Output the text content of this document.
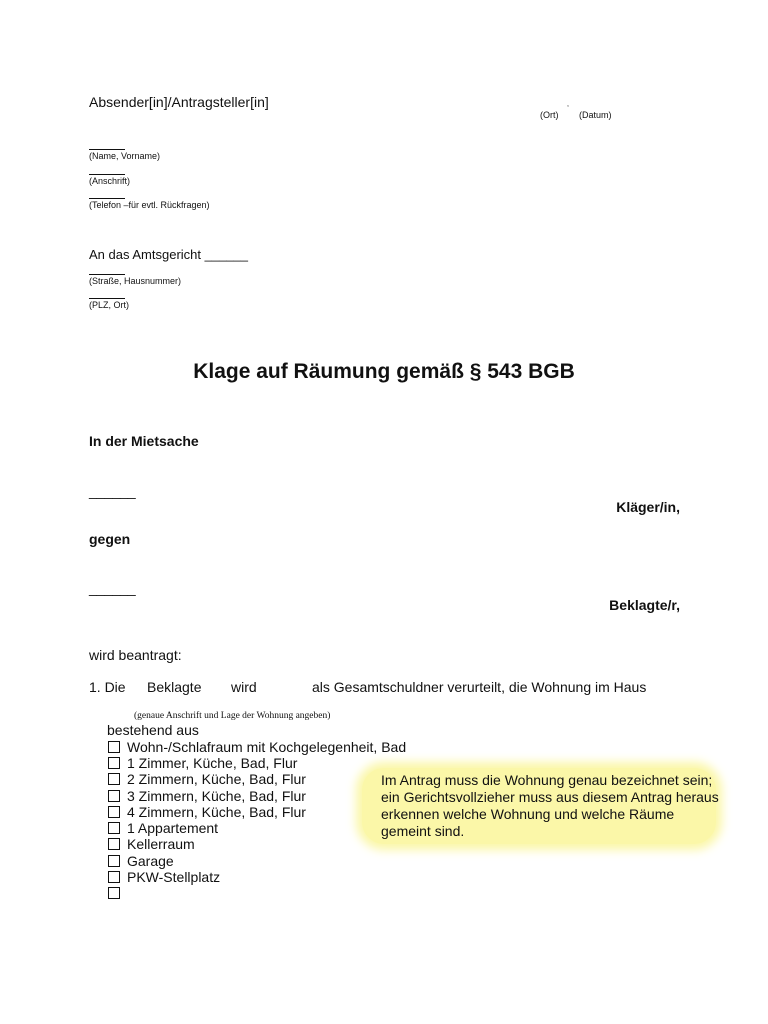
Absender[in]/Antragsteller[in]
(Ort)
,
(Datum)
(Name, Vorname)
(Anschrift)
(Telefon –für evtl. Rückfragen)
An das Amtsgericht ______
(Straße, Hausnummer)
(PLZ, Ort)
Klage auf Räumung gemäß § 543 BGB
In der Mietsache
______
Kläger/in,
gegen
______
Beklagte/r,
wird beantragt:
1. Die Beklagte wird	als Gesamtschuldner verurteilt, die Wohnung im Haus
(genaue Anschrift und Lage der Wohnung angeben)
bestehend aus
Wohn-/Schlafraum mit Kochgelegenheit, Bad
1 Zimmer, Küche, Bad, Flur
2 Zimmern, Küche, Bad, Flur
3 Zimmern, Küche, Bad, Flur
4 Zimmern, Küche, Bad, Flur
1 Appartement
Kellerraum
Garage
PKW-Stellplatz
Im Antrag muss die Wohnung genau bezeichnet sein; ein Gerichtsvollzieher muss aus diesem Antrag heraus erkennen welche Wohnung und welche Räume gemeint sind.
